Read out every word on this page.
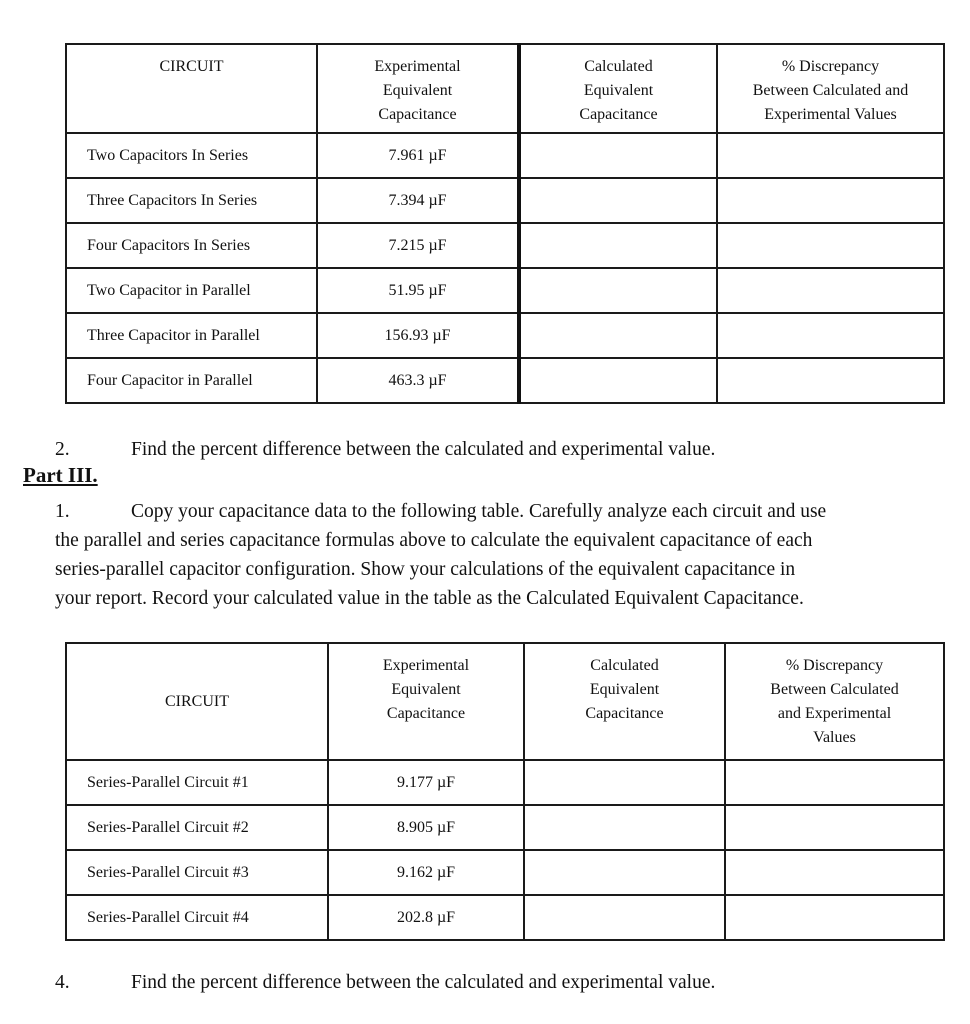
CIRCUIT	Experimental
Equivalent
Capacitance

Calculated
Equivalent
Capacitance

% Discrepancy
Between Calculated and
Experimental Values

Two Capacitors In Series	7.961 µF		
Three Capacitors In Series	7.394 µF		
Four Capacitors In Series	7.215 µF		
Two Capacitor in Parallel	51.95 µF		
Three Capacitor in Parallel	156.93 µF		
Four Capacitor in Parallel	463.3 µF		
2.	Find the percent difference between the calculated and experimental value.
Part III.
1.	Copy your capacitance data to the following table. Carefully analyze each circuit and use
the parallel and series capacitance formulas above to calculate the equivalent capacitance of each
series-parallel capacitor configuration. Show your calculations of the equivalent capacitance in
your report. Record your calculated value in the table as the Calculated Equivalent Capacitance.
CIRCUIT	
Experimental
Equivalent
Capacitance

Calculated
Equivalent
Capacitance

% Discrepancy
Between Calculated
and Experimental
Values

Series-Parallel Circuit #1	9.177 µF		
Series-Parallel Circuit #2	8.905 µF		
Series-Parallel Circuit #3	9.162 µF		
Series-Parallel Circuit #4	202.8 µF		
4.	Find the percent difference between the calculated and experimental value.
